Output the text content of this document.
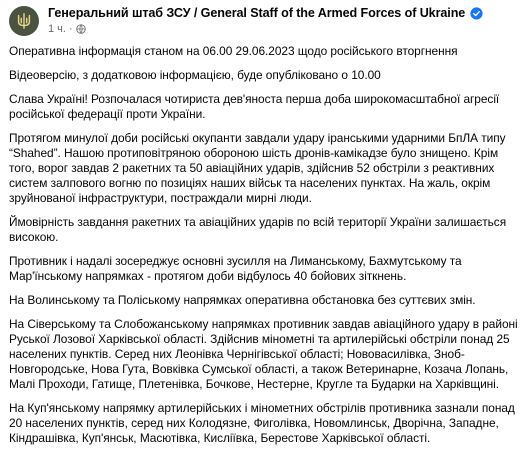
Генеральний штаб ЗСУ / General Staff of the Armed Forces of Ukraine
1 ч. ·

Оперативна інформація станом на 06.00 29.06.2023 щодо російського вторгнення

Відеоверсію, з додатковою інформацією, буде опубліковано о 10.00

Слава Україні! Розпочалася чотириста дев'яноста перша доба широкомасштабної агресії російської федерації проти України.

Протягом минулої доби російські окупанти завдали удару іранськими ударними БпЛА типу “Shahed”. Нашою протиповітряною обороною шість дронів-камікадзе було знищено. Крім того, ворог завдав 2 ракетних та 50 авіаційних ударів, здійснив 52 обстріли з реактивних систем залпового вогню по позиціях наших військ та населених пунктах. На жаль, окрім зруйнованої інфраструктури, постраждали мирні люди.

Ймовірність завдання ракетних та авіаційних ударів по всій території України залишається високою.

Противник і надалі зосереджує основні зусилля на Лиманському, Бахмутському та Мар'їнському напрямках - протягом доби відбулось 40 бойових зіткнень.

На Волинському та Поліському напрямках оперативна обстановка без суттєвих змін.

На Сіверському та Слобожанському напрямках противник завдав авіаційного удару в районі Руської Лозової Харківської області. Здійснив мінометні та артилерійські обстріли понад 25 населених пунктів. Серед них Леонівка Чернігівської області; Нововасилівка, Зноб-Новгородське, Нова Гута, Вовківка Сумської області, а також Ветеринарне, Козача Лопань, Малі Проходи, Гатище, Плетенівка, Бочкове, Нестерне, Кругле та Бударки на Харківщині.

На Куп'янському напрямку артилерійських і мінометних обстрілів противника зазнали понад 20 населених пунктів, серед них Колодязне, Фиголівка, Новомлинськ, Дворічна, Западне, Кіндрашівка, Куп'янськ, Масютівка, Кисліївка, Берестове Харківської області.
